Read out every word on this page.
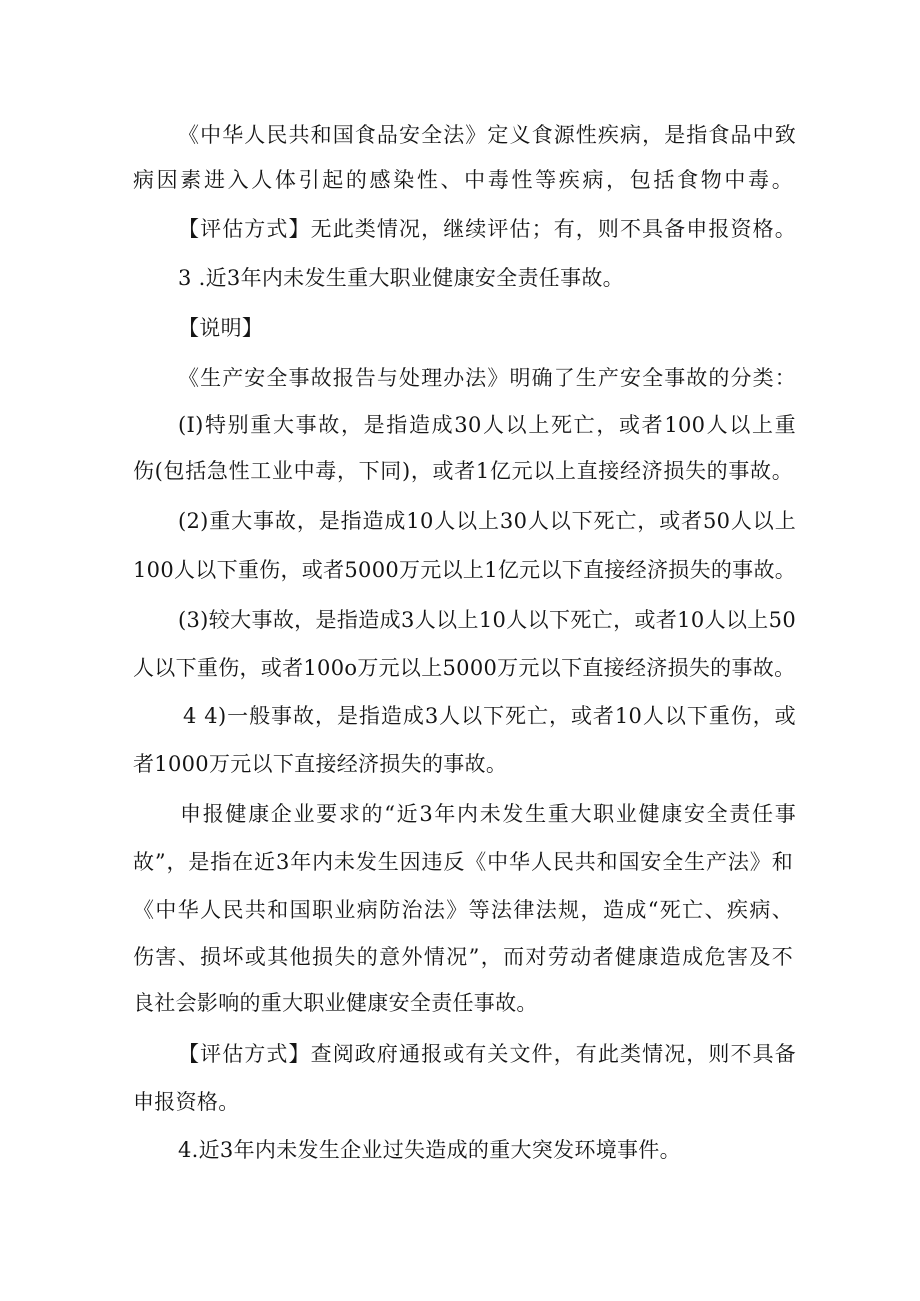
《中华人民共和国食品安全法》定义食源性疾病，是指食品中致
病因素进入人体引起的感染性、中毒性等疾病，包括食物中毒。
【评估方式】无此类情况，继续评估；有，则不具备申报资格。
3 .近3年内未发生重大职业健康安全责任事故。
【说明】
《生产安全事故报告与处理办法》明确了生产安全事故的分类：
(I)特别重大事故，是指造成30人以上死亡，或者100人以上重
伤(包括急性工业中毒，下同)，或者1亿元以上直接经济损失的事故。
(2)重大事故，是指造成10人以上30人以下死亡，或者50人以上
100人以下重伤，或者5000万元以上1亿元以下直接经济损失的事故。
(3)较大事故，是指造成3人以上10人以下死亡，或者10人以上50
人以下重伤，或者100o万元以上5000万元以下直接经济损失的事故。
4 4)一般事故，是指造成3人以下死亡，或者10人以下重伤，或
者1000万元以下直接经济损失的事故。
申报健康企业要求的“近3年内未发生重大职业健康安全责任事
故”，是指在近3年内未发生因违反《中华人民共和国安全生产法》和
《中华人民共和国职业病防治法》等法律法规，造成“死亡、疾病、
伤害、损坏或其他损失的意外情况”，而对劳动者健康造成危害及不
良社会影响的重大职业健康安全责任事故。
【评估方式】查阅政府通报或有关文件，有此类情况，则不具备
申报资格。
4.近3年内未发生企业过失造成的重大突发环境事件。
